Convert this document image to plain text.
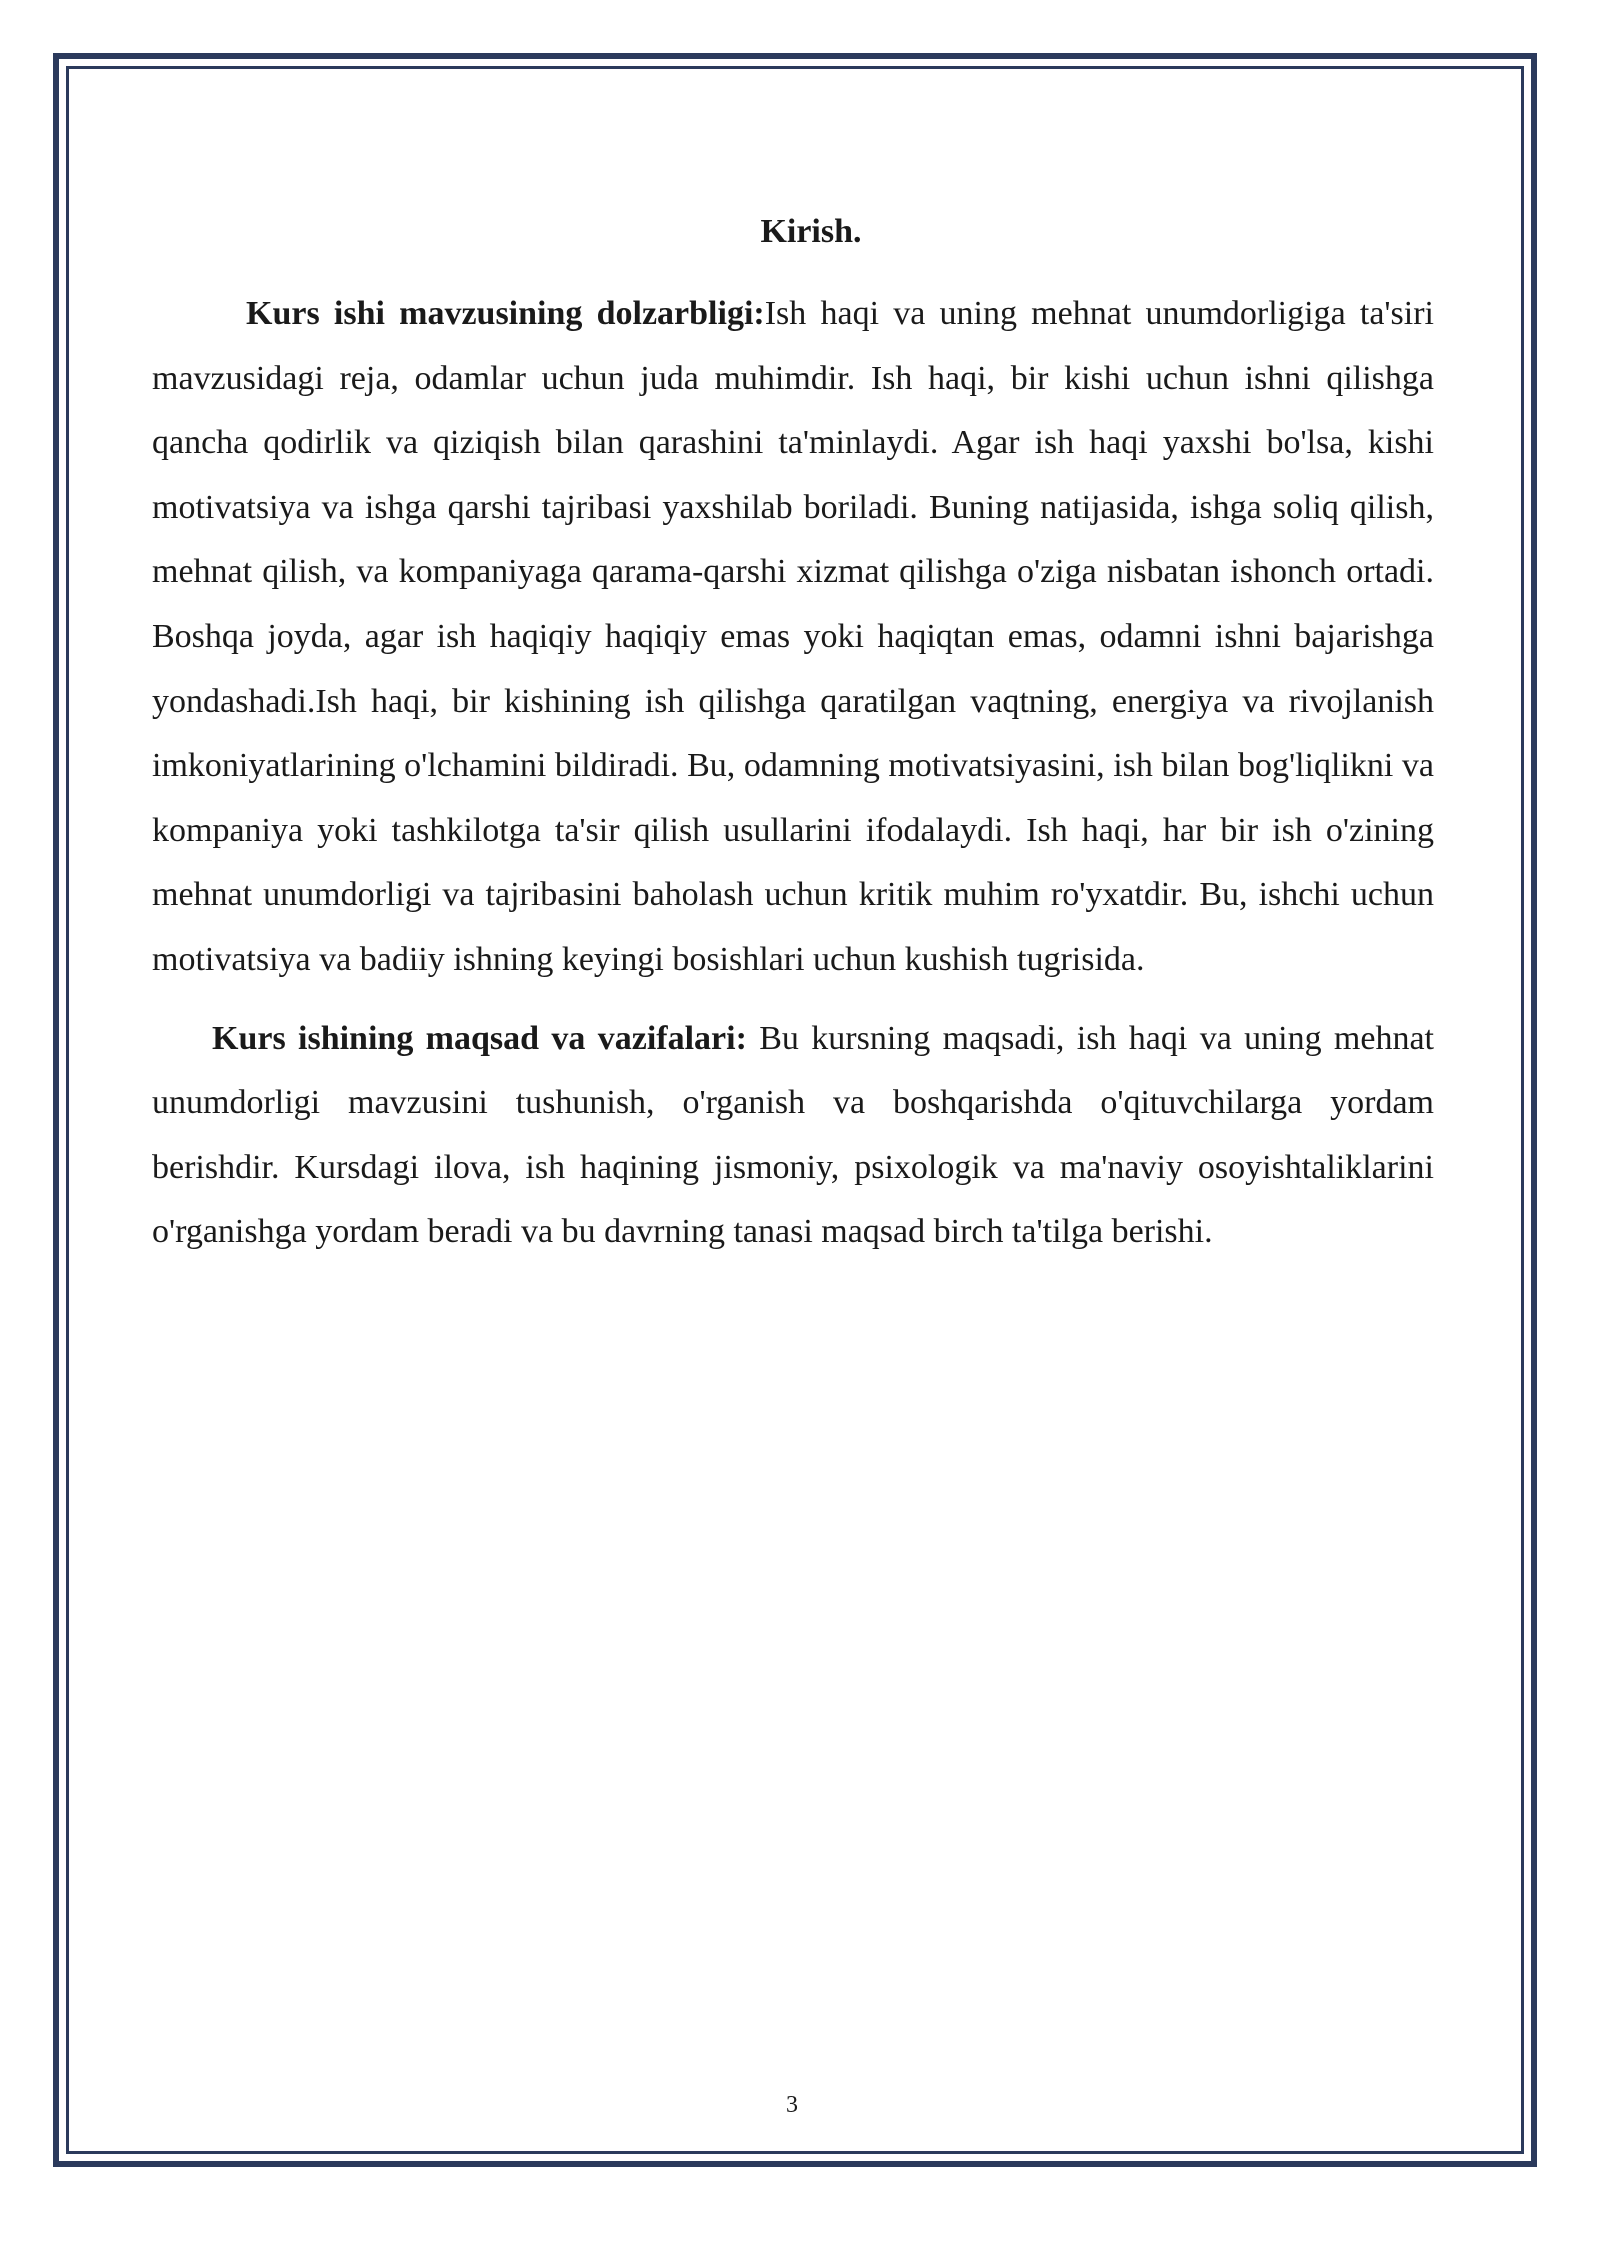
Kirish.

Kurs ishi mavzusining dolzarbligi:Ish haqi va uning mehnat unumdorligiga ta'siri mavzusidagi reja, odamlar uchun juda muhimdir. Ish haqi, bir kishi uchun ishni qilishga qancha qodirlik va qiziqish bilan qarashini ta'minlaydi. Agar ish haqi yaxshi bo'lsa, kishi motivatsiya va ishga qarshi tajribasi yaxshilab boriladi. Buning natijasida, ishga soliq qilish, mehnat qilish, va kompaniyaga qarama-qarshi xizmat qilishga o'ziga nisbatan ishonch ortadi. Boshqa joyda, agar ish haqiqiy haqiqiy emas yoki haqiqtan emas, odamni ishni bajarishga yondashadi.Ish haqi, bir kishining ish qilishga qaratilgan vaqtning, energiya va rivojlanish imkoniyatlarining o'lchamini bildiradi. Bu, odamning motivatsiyasini, ish bilan bog'liqlikni va kompaniya yoki tashkilotga ta'sir qilish usullarini ifodalaydi. Ish haqi, har bir ish o'zining mehnat unumdorligi va tajribasini baholash uchun kritik muhim ro'yxatdir. Bu, ishchi uchun motivatsiya va badiiy ishning keyingi bosishlari uchun kushish tugrisida.

Kurs ishining maqsad va vazifalari: Bu kursning maqsadi, ish haqi va uning mehnat unumdorligi mavzusini tushunish, o'rganish va boshqarishda o'qituvchilarga yordam berishdir. Kursdagi ilova, ish haqining jismoniy, psixologik va ma'naviy osoyishtaliklarini o'rganishga yordam beradi va bu davrning tanasi maqsad birch ta'tilga berishi.

3
